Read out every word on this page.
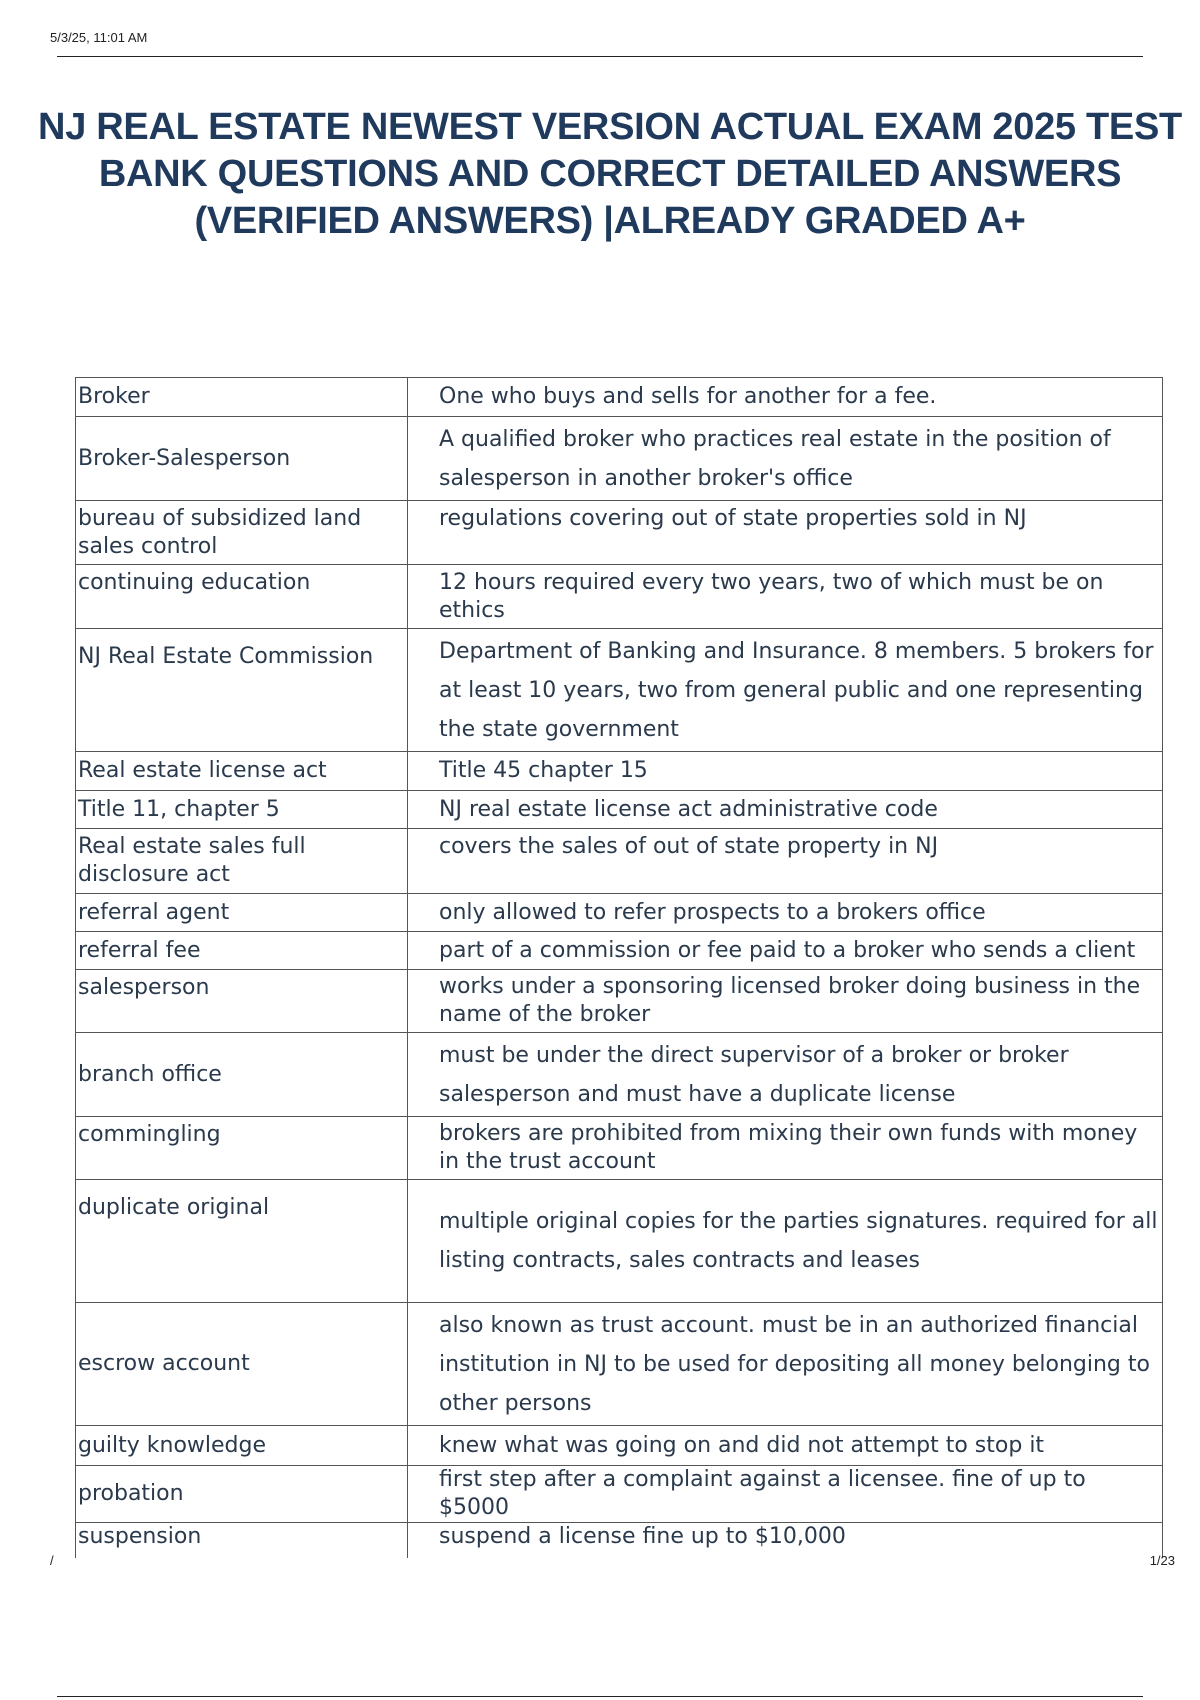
5/3/25, 11:01 AM
NJ REAL ESTATE NEWEST VERSION ACTUAL EXAM 2025 TEST BANK QUESTIONS AND CORRECT DETAILED ANSWERS (VERIFIED ANSWERS) |ALREADY GRADED A+
Broker	One who buys and sells for another for a fee.
Broker-Salesperson	A qualified broker who practices real estate in the position of salesperson in another broker's office
bureau of subsidized land sales control	regulations covering out of state properties sold in NJ
continuing education	12 hours required every two years, two of which must be on ethics
NJ Real Estate Commission	Department of Banking and Insurance. 8 members. 5 brokers for at least 10 years, two from general public and one representing the state government
Real estate license act	Title 45 chapter 15
Title 11, chapter 5	NJ real estate license act administrative code
Real estate sales full disclosure act	covers the sales of out of state property in NJ
referral agent	only allowed to refer prospects to a brokers office
referral fee	part of a commission or fee paid to a broker who sends a client
salesperson	works under a sponsoring licensed broker doing business in the name of the broker
branch office	must be under the direct supervisor of a broker or broker salesperson and must have a duplicate license
commingling	brokers are prohibited from mixing their own funds with money in the trust account
duplicate original	multiple original copies for the parties signatures. required for all listing contracts, sales contracts and leases
escrow account	also known as trust account. must be in an authorized financial institution in NJ to be used for depositing all money belonging to other persons
guilty knowledge	knew what was going on and did not attempt to stop it
probation	first step after a complaint against a licensee. fine of up to $5000
suspension	suspend a license fine up to $10,000
/	1/23
